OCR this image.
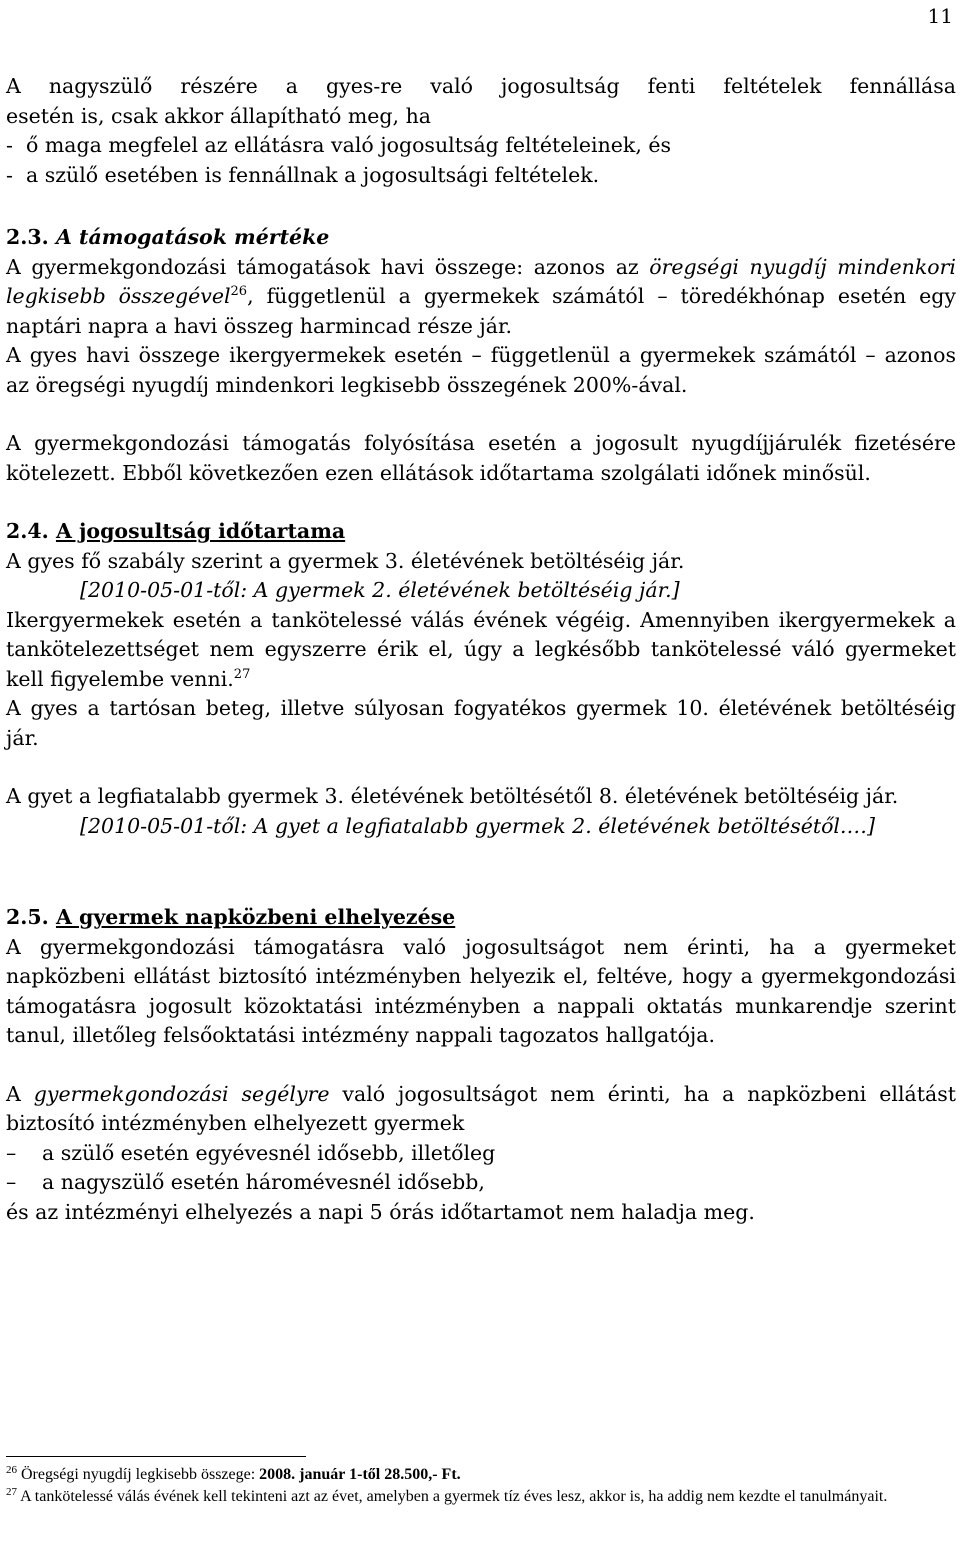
11

A nagyszülő részére a gyes-re való jogosultság fenti feltételek fennállása

esetén is, csak akkor állapítható meg, ha

-  ő maga megfelel az ellátásra való jogosultság feltételeinek, és

-  a szülő esetében is fennállnak a jogosultsági feltételek.

2.3. A támogatások mértéke

A gyermekgondozási támogatások havi összege: azonos az öregségi nyugdíj mindenkori legkisebb összegével$^{26}$, függetlenül a gyermekek számától – töredékhónap esetén egy naptári napra a havi összeg harmincad része jár.

A gyes havi összege ikergyermekek esetén – függetlenül a gyermekek számától – azonos az öregségi nyugdíj mindenkori legkisebb összegének 200%-ával.

A gyermekgondozási támogatás folyósítása esetén a jogosult nyugdíjjárulék fizetésére kötelezett. Ebből következően ezen ellátások időtartama szolgálati időnek minősül.

2.4. A jogosultság időtartama

A gyes fő szabály szerint a gyermek 3. életévének betöltéséig jár.

[2010-05-01-től: A gyermek 2. életévének betöltéséig jár.]

Ikergyermekek esetén a tankötelessé válás évének végéig. Amennyiben ikergyermekek a tankötelezettséget nem egyszerre érik el, úgy a legkésőbb tankötelessé váló gyermeket kell figyelembe venni.$^{27}$

A gyes a tartósan beteg, illetve súlyosan fogyatékos gyermek 10. életévének betöltéséig jár.

A gyet a legfiatalabb gyermek 3. életévének betöltésétől 8. életévének betöltéséig jár.

[2010-05-01-től: A gyet a legfiatalabb gyermek 2. életévének betöltésétől.…]

2.5. A gyermek napközbeni elhelyezése

A gyermekgondozási támogatásra való jogosultságot nem érinti, ha a gyermeket napközbeni ellátást biztosító intézményben helyezik el, feltéve, hogy a gyermekgondozási támogatásra jogosult közoktatási intézményben a nappali oktatás munkarendje szerint tanul, illetőleg felsőoktatási intézmény nappali tagozatos hallgatója.

A gyermekgondozási segélyre való jogosultságot nem érinti, ha a napközbeni ellátást biztosító intézményben elhelyezett gyermek

–	a szülő esetén egyévesnél idősebb, illetőleg
–	a nagyszülő esetén háromévesnél idősebb,

és az intézményi elhelyezés a napi 5 órás időtartamot nem haladja meg.

$^{26}$ Öregségi nyugdíj legkisebb összege: 2008. január 1-től 28.500,- Ft.

$^{27}$ A tankötelessé válás évének kell tekinteni azt az évet, amelyben a gyermek tíz éves lesz, akkor is, ha addig nem kezdte el tanulmányait.
